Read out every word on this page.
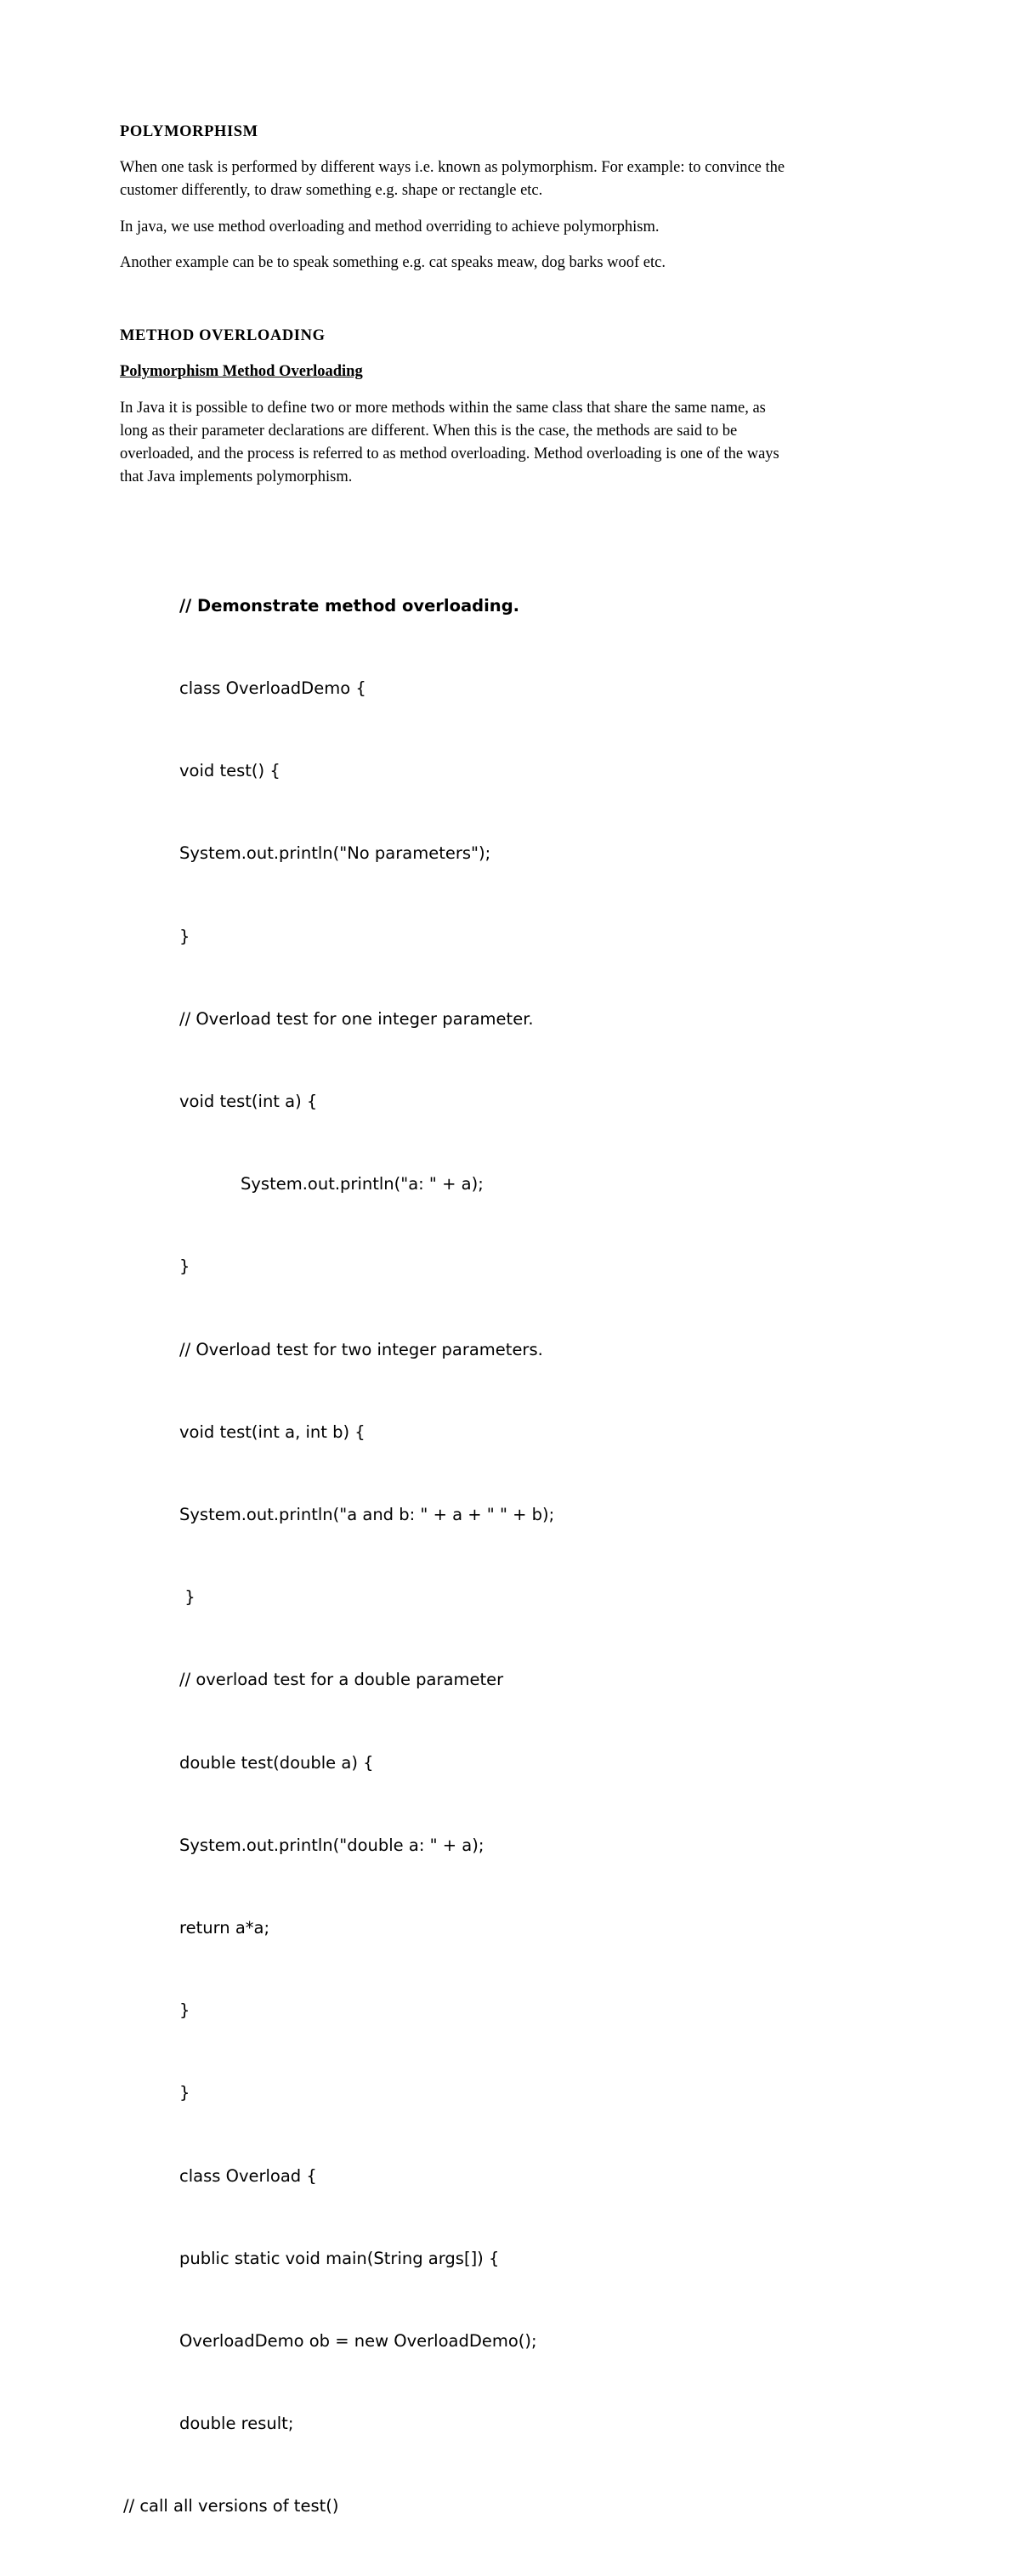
POLYMORPHISM
When one task is performed by different ways i.e. known as polymorphism. For example: to convince the
customer differently, to draw something e.g. shape or rectangle etc.
In java, we use method overloading and method overriding to achieve polymorphism.
Another example can be to speak something e.g. cat speaks meaw, dog barks woof etc.
METHOD OVERLOADING
Polymorphism Method Overloading
In Java it is possible to define two or more methods within the same class that share the same name, as
long as their parameter declarations are different. When this is the case, the methods are said to be
overloaded, and the process is referred to as method overloading. Method overloading is one of the ways
that Java implements polymorphism.

// Demonstrate method overloading.

class OverloadDemo {

void test() {

System.out.println("No parameters");

}

// Overload test for one integer parameter.

void test(int a) {

System.out.println("a: " + a);

}

// Overload test for two integer parameters.

void test(int a, int b) {

System.out.println("a and b: " + a + " " + b);

}

// overload test for a double parameter

double test(double a) {

System.out.println("double a: " + a);

return a*a;

}

}

class Overload {

public static void main(String args[]) {

OverloadDemo ob = new OverloadDemo();

double result;

// call all versions of test()
